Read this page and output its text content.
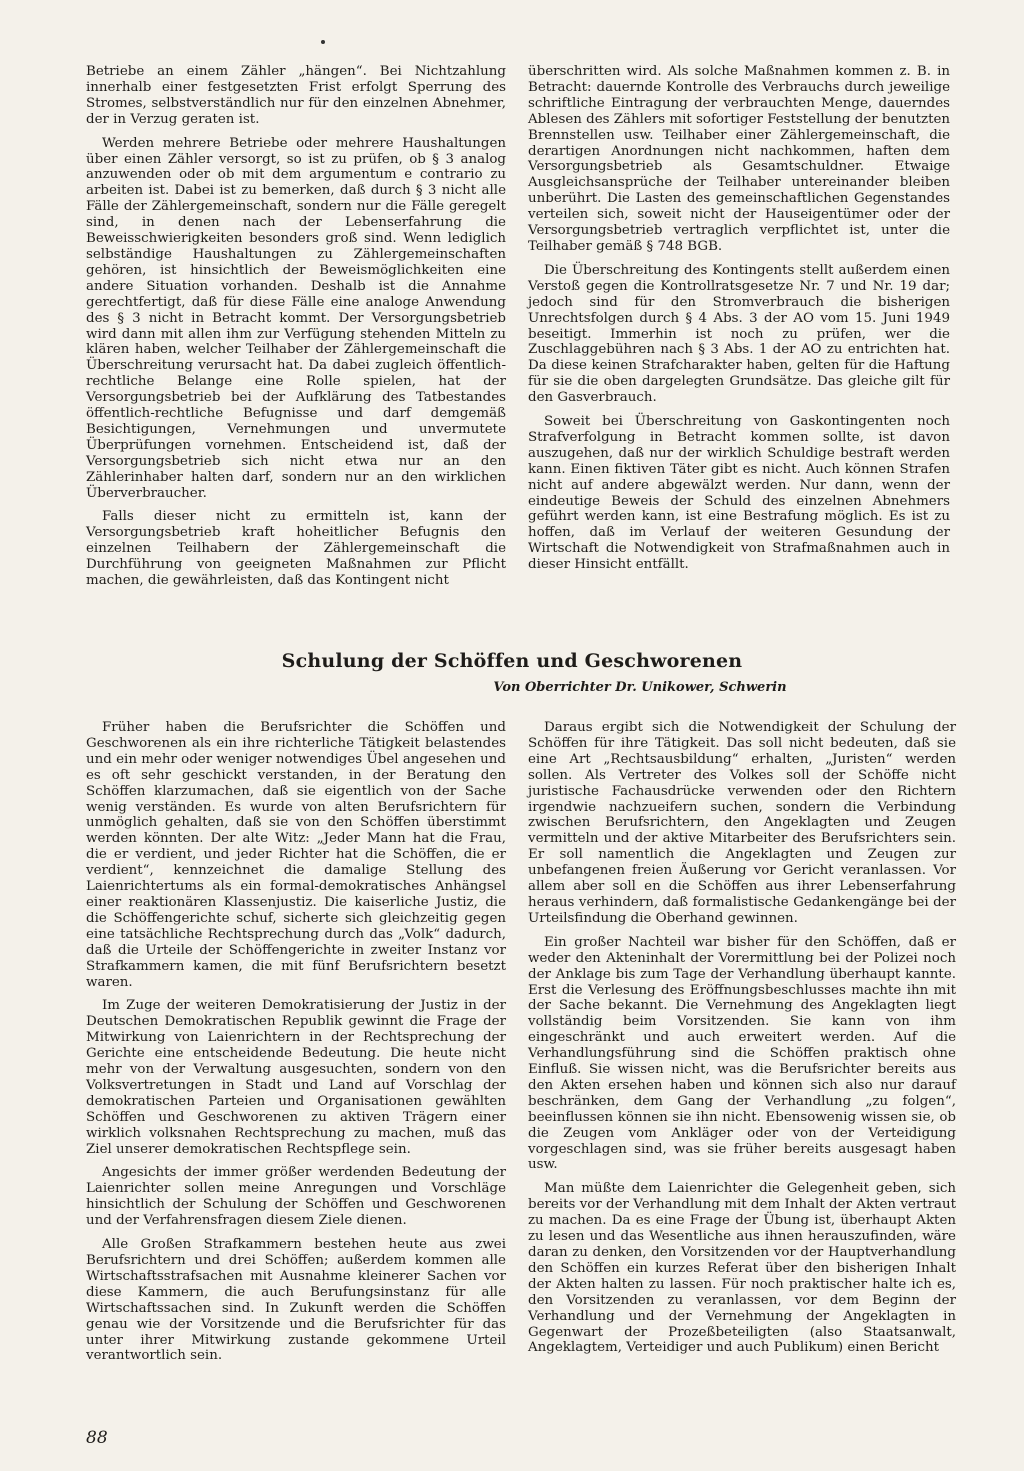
Betriebe an einem Zähler „hängen“. Bei Nichtzahlung innerhalb einer festgesetzten Frist erfolgt Sperrung des Stromes, selbstverständlich nur für den einzelnen Abnehmer, der in Verzug geraten ist.

Werden mehrere Betriebe oder mehrere Haushaltungen über einen Zähler versorgt, so ist zu prüfen, ob § 3 analog anzuwenden oder ob mit dem argumentum e contrario zu arbeiten ist. Dabei ist zu bemerken, daß durch § 3 nicht alle Fälle der Zählergemeinschaft, sondern nur die Fälle geregelt sind, in denen nach der Lebenserfahrung die Beweisschwierigkeiten besonders groß sind. Wenn lediglich selbständige Haushaltungen zu Zählergemeinschaften gehören, ist hinsichtlich der Beweismöglichkeiten eine andere Situation vorhanden. Deshalb ist die Annahme gerechtfertigt, daß für diese Fälle eine analoge Anwendung des § 3 nicht in Betracht kommt. Der Versorgungsbetrieb wird dann mit allen ihm zur Verfügung stehenden Mitteln zu klären haben, welcher Teilhaber der Zählergemeinschaft die Überschreitung verursacht hat. Da dabei zugleich öffentlich-rechtliche Belange eine Rolle spielen, hat der Versorgungsbetrieb bei der Aufklärung des Tatbestandes öffentlich-rechtliche Befugnisse und darf demgemäß Besichtigungen, Vernehmungen und unvermutete Überprüfungen vornehmen. Entscheidend ist, daß der Versorgungsbetrieb sich nicht etwa nur an den Zählerinhaber halten darf, sondern nur an den wirklichen Überverbraucher.

Falls dieser nicht zu ermitteln ist, kann der Versorgungsbetrieb kraft hoheitlicher Befugnis den einzelnen Teilhabern der Zählergemeinschaft die Durchführung von geeigneten Maßnahmen zur Pflicht machen, die gewährleisten, daß das Kontingent nicht

überschritten wird. Als solche Maßnahmen kommen z. B. in Betracht: dauernde Kontrolle des Verbrauchs durch jeweilige schriftliche Eintragung der verbrauchten Menge, dauerndes Ablesen des Zählers mit sofortiger Feststellung der benutzten Brennstellen usw. Teilhaber einer Zählergemeinschaft, die derartigen Anordnungen nicht nachkommen, haften dem Versorgungsbetrieb als Gesamtschuldner. Etwaige Ausgleichsansprüche der Teilhaber untereinander bleiben unberührt. Die Lasten des gemeinschaftlichen Gegenstandes verteilen sich, soweit nicht der Hauseigentümer oder der Versorgungsbetrieb vertraglich verpflichtet ist, unter die Teilhaber gemäß § 748 BGB.

Die Überschreitung des Kontingents stellt außerdem einen Verstoß gegen die Kontrollratsgesetze Nr. 7 und Nr. 19 dar; jedoch sind für den Stromverbrauch die bisherigen Unrechtsfolgen durch § 4 Abs. 3 der AO vom 15. Juni 1949 beseitigt. Immerhin ist noch zu prüfen, wer die Zuschlaggebühren nach § 3 Abs. 1 der AO zu entrichten hat. Da diese keinen Strafcharakter haben, gelten für die Haftung für sie die oben dargelegten Grundsätze. Das gleiche gilt für den Gasverbrauch.

Soweit bei Überschreitung von Gaskontingenten noch Strafverfolgung in Betracht kommen sollte, ist davon auszugehen, daß nur der wirklich Schuldige bestraft werden kann. Einen fiktiven Täter gibt es nicht. Auch können Strafen nicht auf andere abgewälzt werden. Nur dann, wenn der eindeutige Beweis der Schuld des einzelnen Abnehmers geführt werden kann, ist eine Bestrafung möglich. Es ist zu hoffen, daß im Verlauf der weiteren Gesundung der Wirtschaft die Notwendigkeit von Strafmaßnahmen auch in dieser Hinsicht entfällt.

Schulung der Schöffen und Geschworenen
Von Oberrichter Dr. Unikower, Schwerin

Früher haben die Berufsrichter die Schöffen und Geschworenen als ein ihre richterliche Tätigkeit belastendes und ein mehr oder weniger notwendiges Übel angesehen und es oft sehr geschickt verstanden, in der Beratung den Schöffen klarzumachen, daß sie eigentlich von der Sache wenig verständen. Es wurde von alten Berufsrichtern für unmöglich gehalten, daß sie von den Schöffen überstimmt werden könnten. Der alte Witz: „Jeder Mann hat die Frau, die er verdient, und jeder Richter hat die Schöffen, die er verdient“, kennzeichnet die damalige Stellung des Laienrichtertums als ein formal-demokratisches Anhängsel einer reaktionären Klassenjustiz. Die kaiserliche Justiz, die die Schöffengerichte schuf, sicherte sich gleichzeitig gegen eine tatsächliche Rechtsprechung durch das „Volk“ dadurch, daß die Urteile der Schöffengerichte in zweiter Instanz vor Strafkammern kamen, die mit fünf Berufsrichtern besetzt waren.

Im Zuge der weiteren Demokratisierung der Justiz in der Deutschen Demokratischen Republik gewinnt die Frage der Mitwirkung von Laienrichtern in der Rechtsprechung der Gerichte eine entscheidende Bedeutung. Die heute nicht mehr von der Verwaltung ausgesuchten, sondern von den Volksvertretungen in Stadt und Land auf Vorschlag der demokratischen Parteien und Organisationen gewählten Schöffen und Geschworenen zu aktiven Trägern einer wirklich volksnahen Rechtsprechung zu machen, muß das Ziel unserer demokratischen Rechtspflege sein.

Angesichts der immer größer werdenden Bedeutung der Laienrichter sollen meine Anregungen und Vorschläge hinsichtlich der Schulung der Schöffen und Geschworenen und der Verfahrensfragen diesem Ziele dienen.

Alle Großen Strafkammern bestehen heute aus zwei Berufsrichtern und drei Schöffen; außerdem kommen alle Wirtschaftsstrafsachen mit Ausnahme kleinerer Sachen vor diese Kammern, die auch Berufungsinstanz für alle Wirtschaftssachen sind. In Zukunft werden die Schöffen genau wie der Vorsitzende und die Berufsrichter für das unter ihrer Mitwirkung zustande gekommene Urteil verantwortlich sein.

Daraus ergibt sich die Notwendigkeit der Schulung der Schöffen für ihre Tätigkeit. Das soll nicht bedeuten, daß sie eine Art „Rechtsausbildung“ erhalten, „Juristen“ werden sollen. Als Vertreter des Volkes soll der Schöffe nicht juristische Fachausdrücke verwenden oder den Richtern irgendwie nachzueifern suchen, sondern die Verbindung zwischen Berufsrichtern, den Angeklagten und Zeugen vermitteln und der aktive Mitarbeiter des Berufsrichters sein. Er soll namentlich die Angeklagten und Zeugen zur unbefangenen freien Äußerung vor Gericht veranlassen. Vor allem aber soll en die Schöffen aus ihrer Lebenserfahrung heraus verhindern, daß formalistische Gedankengänge bei der Urteilsfindung die Oberhand gewinnen.

Ein großer Nachteil war bisher für den Schöffen, daß er weder den Akteninhalt der Vorermittlung bei der Polizei noch der Anklage bis zum Tage der Verhandlung überhaupt kannte. Erst die Verlesung des Eröffnungsbeschlusses machte ihn mit der Sache bekannt. Die Vernehmung des Angeklagten liegt vollständig beim Vorsitzenden. Sie kann von ihm eingeschränkt und auch erweitert werden. Auf die Verhandlungsführung sind die Schöffen praktisch ohne Einfluß. Sie wissen nicht, was die Berufsrichter bereits aus den Akten ersehen haben und können sich also nur darauf beschränken, dem Gang der Verhandlung „zu folgen“, beeinflussen können sie ihn nicht. Ebensowenig wissen sie, ob die Zeugen vom Ankläger oder von der Verteidigung vorgeschlagen sind, was sie früher bereits ausgesagt haben usw.

Man müßte dem Laienrichter die Gelegenheit geben, sich bereits vor der Verhandlung mit dem Inhalt der Akten vertraut zu machen. Da es eine Frage der Übung ist, überhaupt Akten zu lesen und das Wesentliche aus ihnen herauszufinden, wäre daran zu denken, den Vorsitzenden vor der Hauptverhandlung den Schöffen ein kurzes Referat über den bisherigen Inhalt der Akten halten zu lassen. Für noch praktischer halte ich es, den Vorsitzenden zu veranlassen, vor dem Beginn der Verhandlung und der Vernehmung der Angeklagten in Gegenwart der Prozeßbeteiligten (also Staatsanwalt, Angeklagtem, Verteidiger und auch Publikum) einen Bericht

88
